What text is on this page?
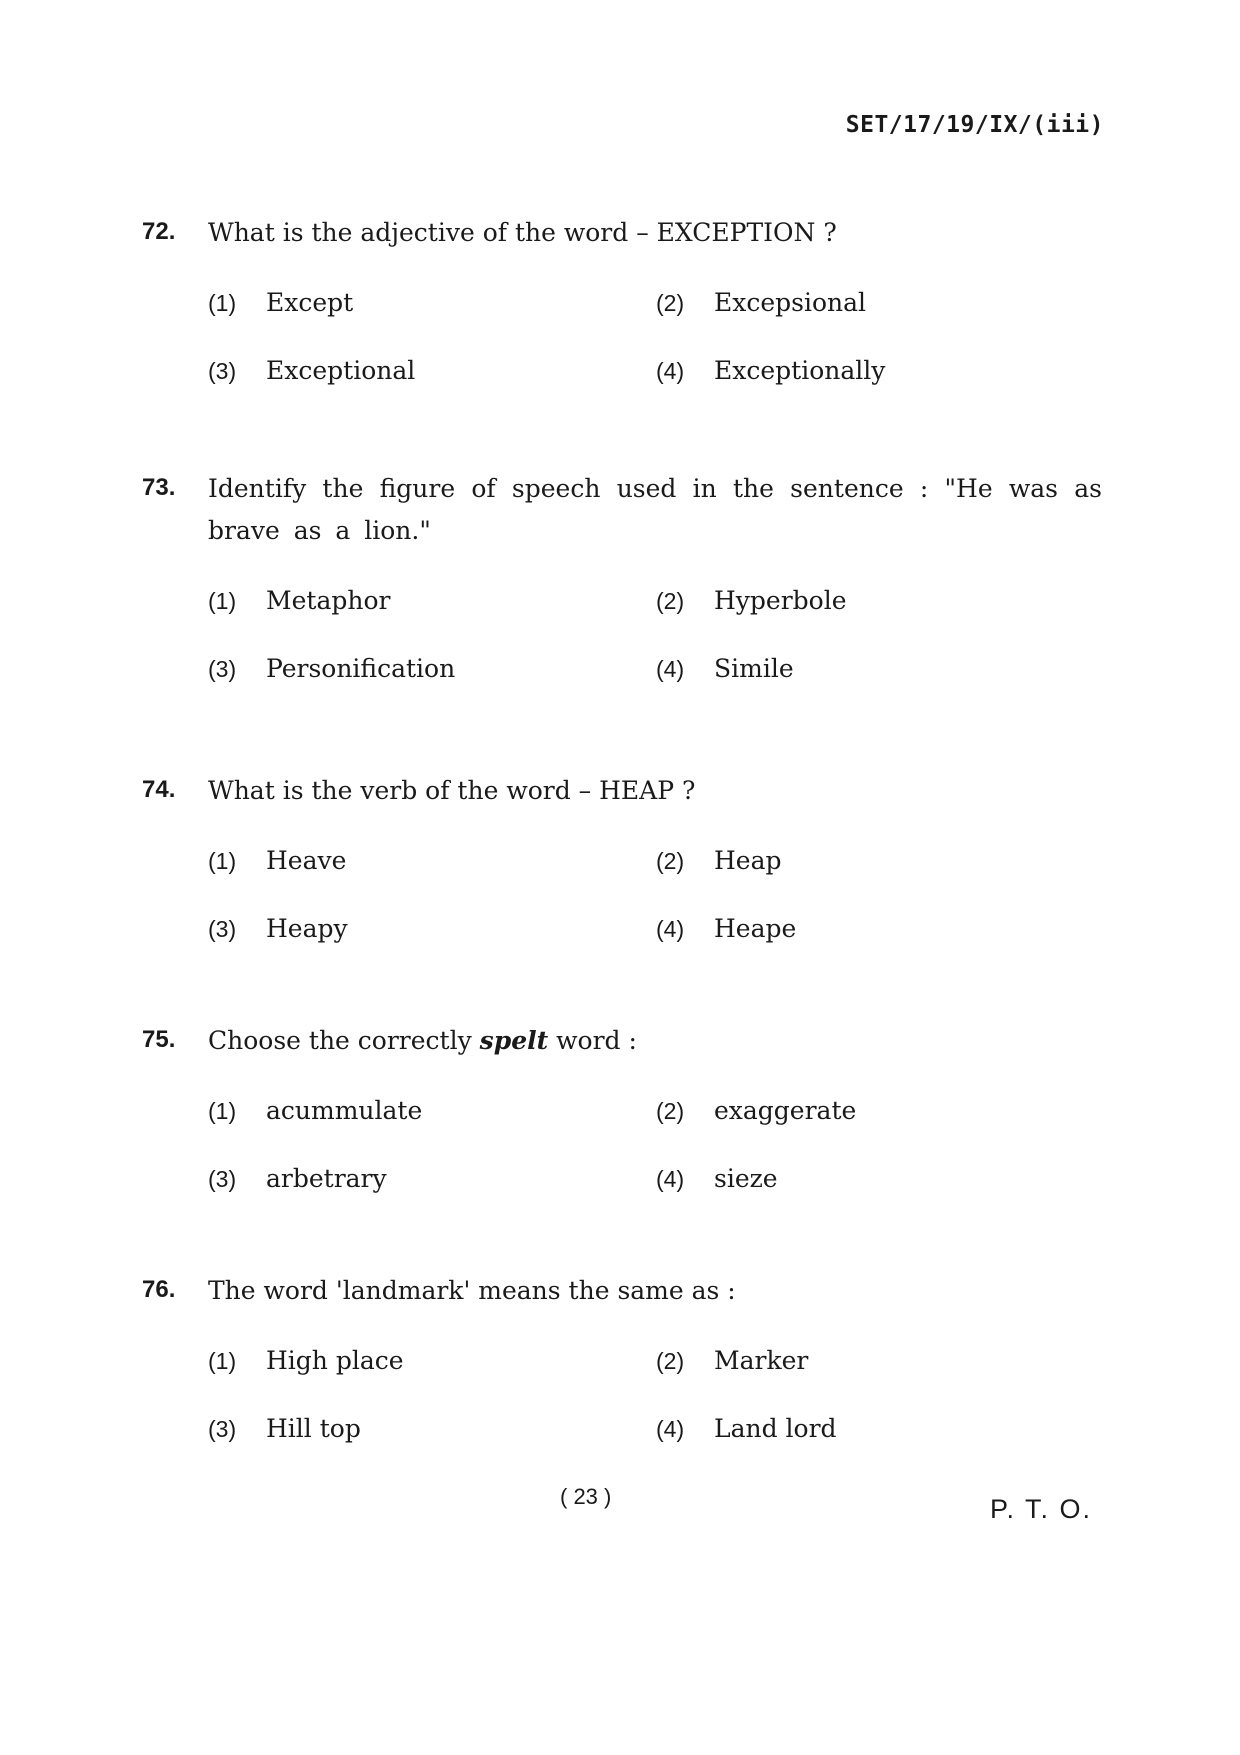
SET/17/19/IX/(iii)
72.	What is the adjective of the word – EXCEPTION ?
(1)	Except	(2)	Excepsional
(3)	Exceptional	(4)	Exceptionally
73.	Identify the figure of speech used in the sentence : "He was as brave as a lion."
(1)	Metaphor	(2)	Hyperbole
(3)	Personification	(4)	Simile
74.	What is the verb of the word – HEAP ?
(1)	Heave	(2)	Heap
(3)	Heapy	(4)	Heape
75.	Choose the correctly spelt word :
(1)	acummulate	(2)	exaggerate
(3)	arbetrary	(4)	sieze
76.	The word 'landmark' means the same as :
(1)	High place	(2)	Marker
(3)	Hill top	(4)	Land lord
( 23 )	P. T. O.
